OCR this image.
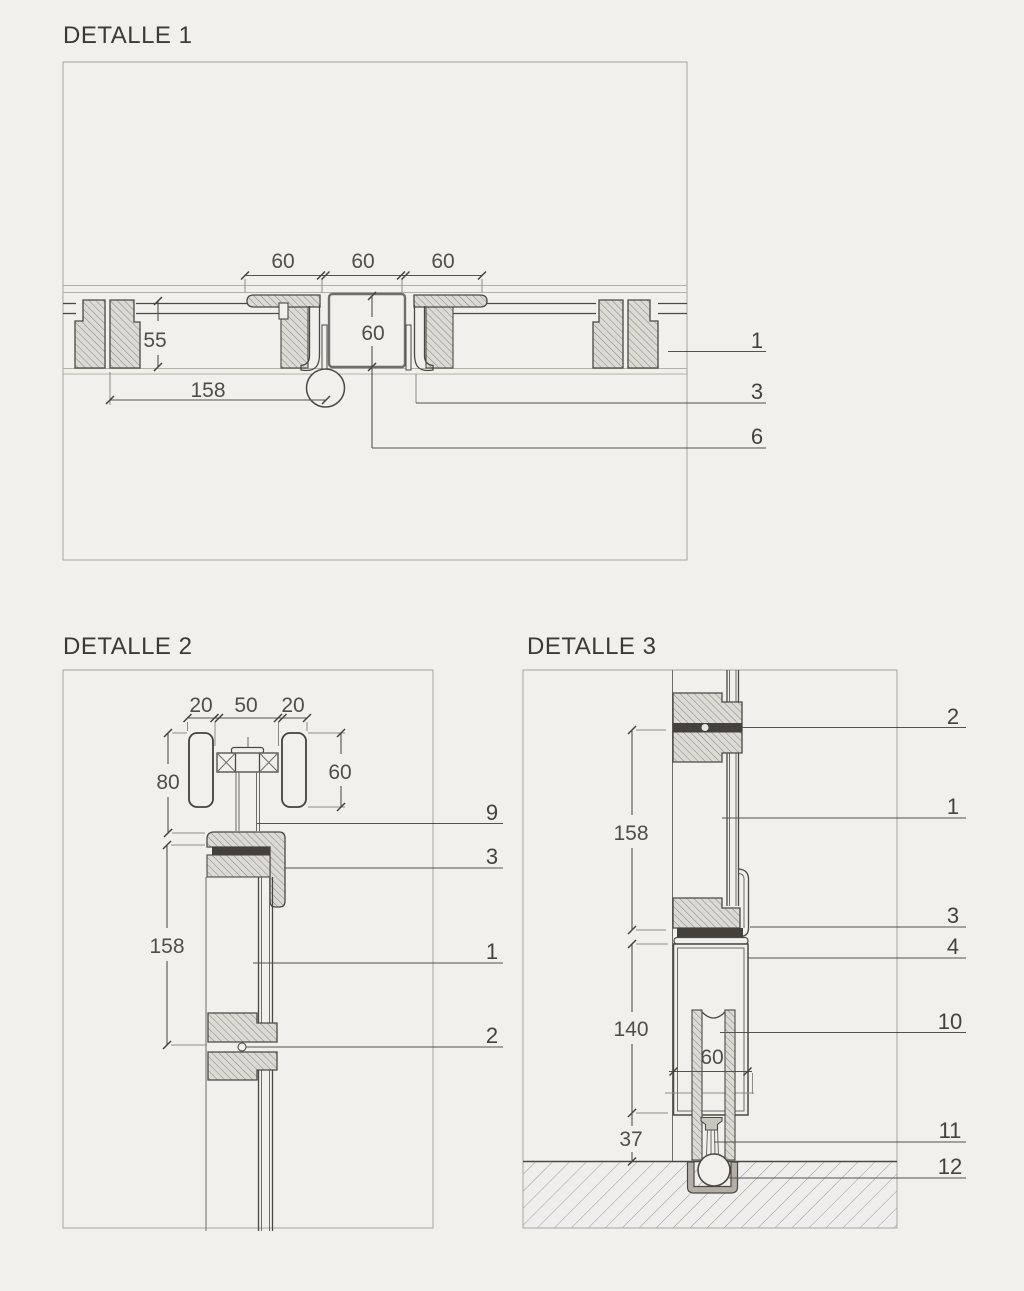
DETALLE 1
60	60	60
55	60
158
1
3
6
DETALLE 2
20 50 20
80	60
158
9
3
1
2
DETALLE 3
158
140
37
60
2
1
3
4
10
11
12
